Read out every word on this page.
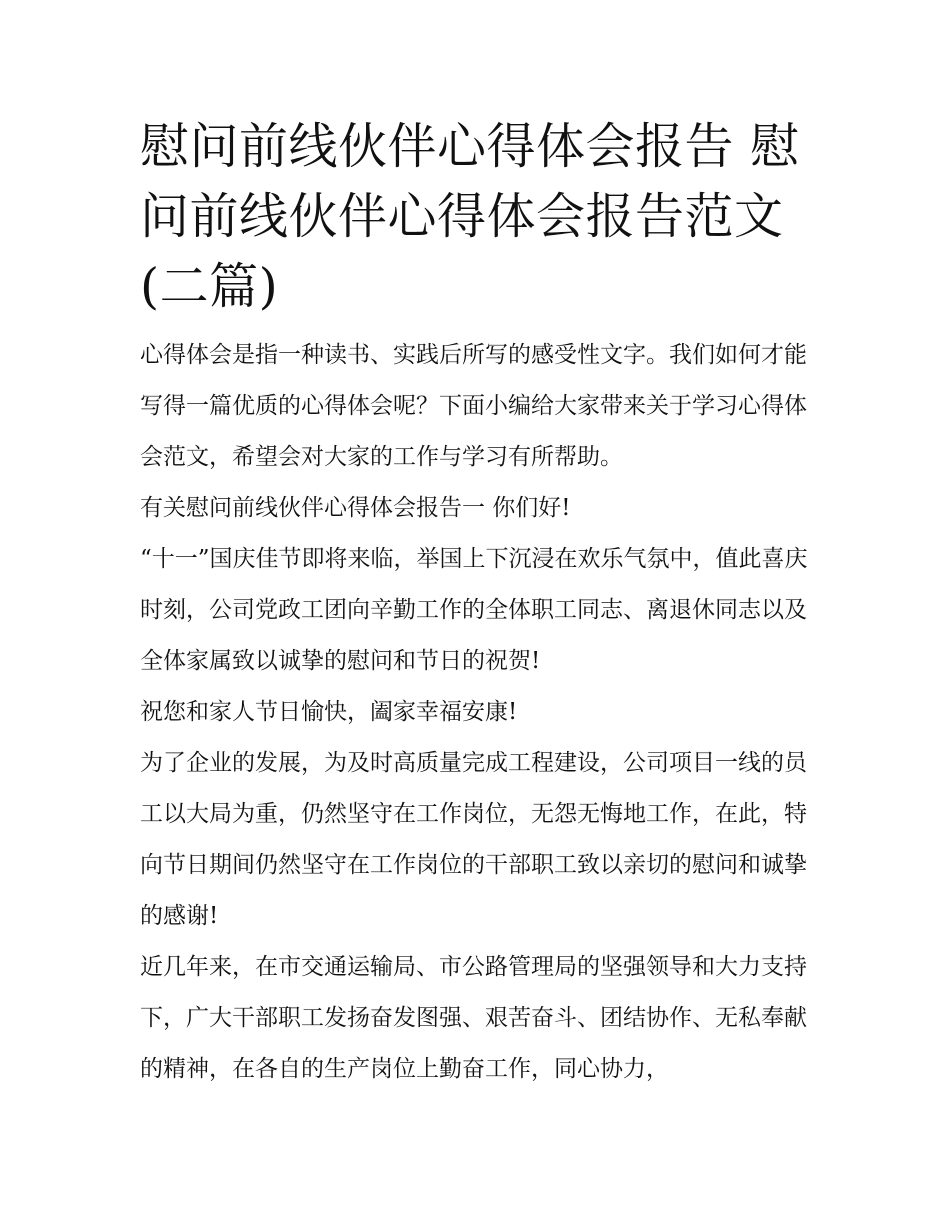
慰问前线伙伴心得体会报告 慰问前线伙伴心得体会报告范文(二篇)

心得体会是指一种读书、实践后所写的感受性文字。我们如何才能写得一篇优质的心得体会呢？下面小编给大家带来关于学习心得体会范文，希望会对大家的工作与学习有所帮助。

有关慰问前线伙伴心得体会报告一 你们好!

“十一”国庆佳节即将来临，举国上下沉浸在欢乐气氛中，值此喜庆时刻，公司党政工团向辛勤工作的全体职工同志、离退休同志以及全体家属致以诚挚的慰问和节日的祝贺!

祝您和家人节日愉快，阖家幸福安康!

为了企业的发展，为及时高质量完成工程建设，公司项目一线的员工以大局为重，仍然坚守在工作岗位，无怨无悔地工作，在此，特向节日期间仍然坚守在工作岗位的干部职工致以亲切的慰问和诚挚的感谢!

近几年来，在市交通运输局、市公路管理局的坚强领导和大力支持下，广大干部职工发扬奋发图强、艰苦奋斗、团结协作、无私奉献的精神，在各自的生产岗位上勤奋工作，同心协力，
